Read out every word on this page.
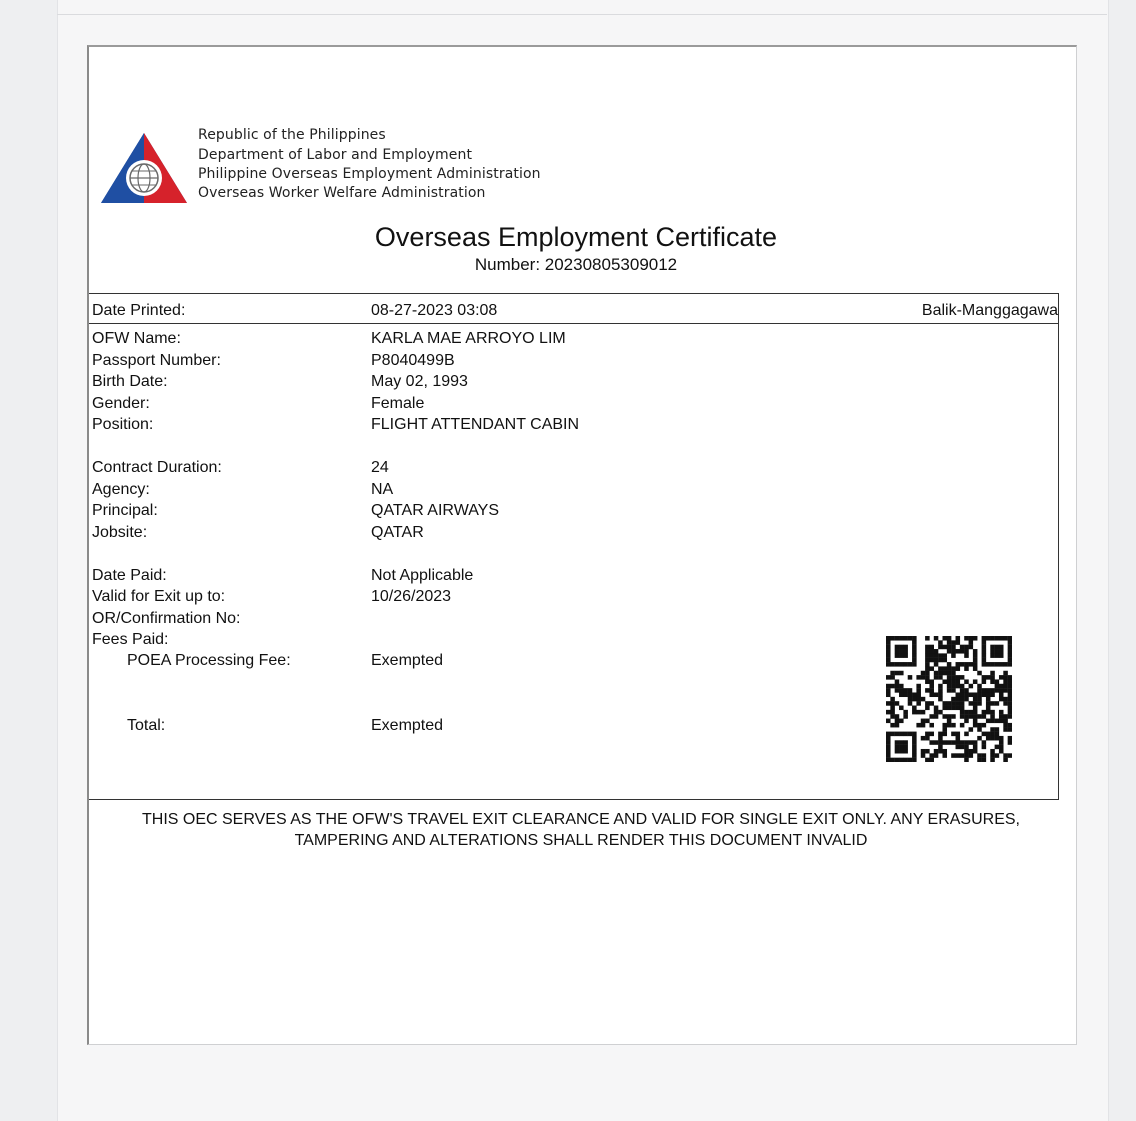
Republic of the Philippines
Department of Labor and Employment
Philippine Overseas Employment Administration
Overseas Worker Welfare Administration
Overseas Employment Certificate
Number: 20230805309012
Date Printed:	08-27-2023 03:08	Balik-Manggagawa
OFW Name:	KARLA MAE ARROYO LIM
Passport Number:	P8040499B
Birth Date:	May 02, 1993
Gender:	Female
Position:	FLIGHT ATTENDANT CABIN
Contract Duration:	24
Agency:	NA
Principal:	QATAR AIRWAYS
Jobsite:	QATAR
Date Paid:	Not Applicable
Valid for Exit up to:	10/26/2023
OR/Confirmation No:
Fees Paid:
POEA Processing Fee:	Exempted
Total:	Exempted
THIS OEC SERVES AS THE OFW'S TRAVEL EXIT CLEARANCE AND VALID FOR SINGLE EXIT ONLY. ANY ERASURES,
TAMPERING AND ALTERATIONS SHALL RENDER THIS DOCUMENT INVALID
